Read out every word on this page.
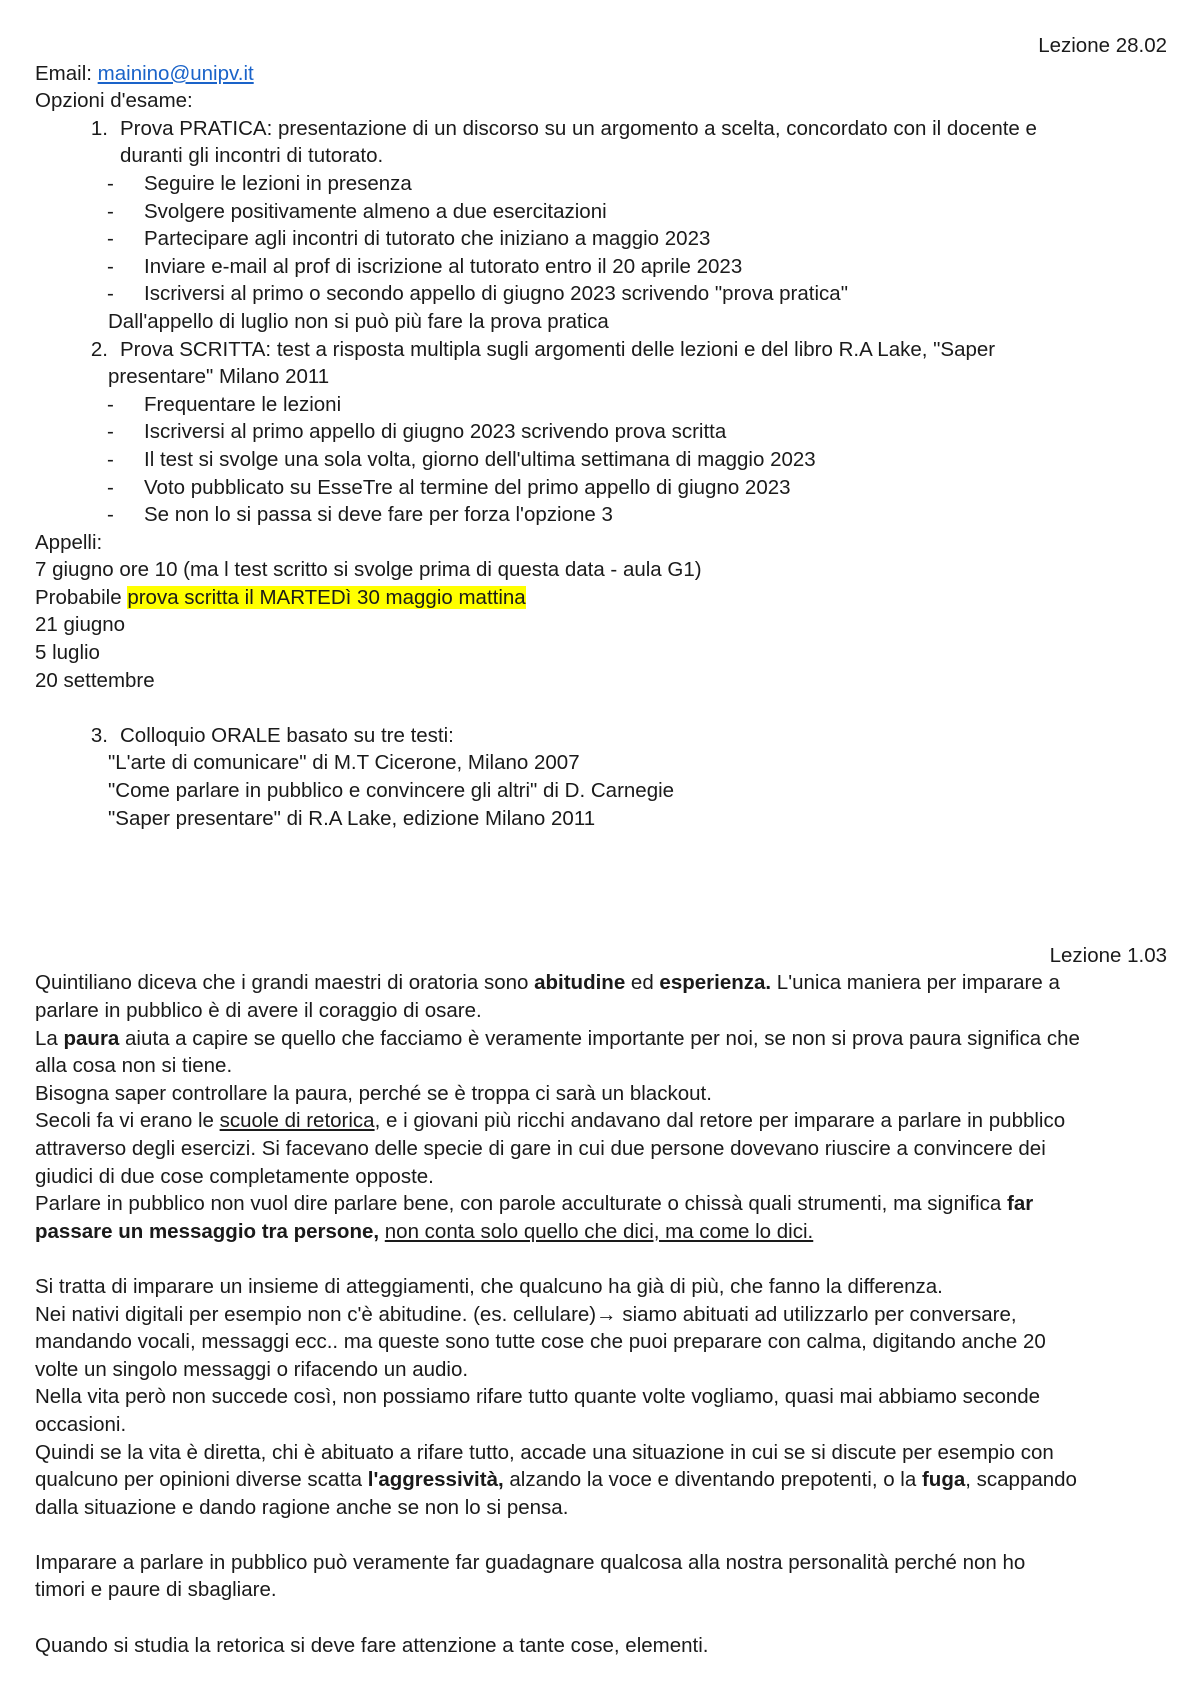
Lezione 28.02
Email: mainino@unipv.it
Opzioni d'esame:
1. Prova PRATICA: presentazione di un discorso su un argomento a scelta, concordato con il docente e
duranti gli incontri di tutorato.
-	Seguire le lezioni in presenza
-	Svolgere positivamente almeno a due esercitazioni
-	Partecipare agli incontri di tutorato che iniziano a maggio 2023
-	Inviare e-mail al prof di iscrizione al tutorato entro il 20 aprile 2023
-	Iscriversi al primo o secondo appello di giugno 2023 scrivendo "prova pratica"
Dall'appello di luglio non si può più fare la prova pratica
2. Prova SCRITTA: test a risposta multipla sugli argomenti delle lezioni e del libro R.A Lake, "Saper
presentare" Milano 2011
-	Frequentare le lezioni
-	Iscriversi al primo appello di giugno 2023 scrivendo prova scritta
-	Il test si svolge una sola volta, giorno dell'ultima settimana di maggio 2023
-	Voto pubblicato su EsseTre al termine del primo appello di giugno 2023
-	Se non lo si passa si deve fare per forza l'opzione 3
Appelli:
7 giugno ore 10 (ma l test scritto si svolge prima di questa data - aula G1)
Probabile prova scritta il MARTEDì 30 maggio mattina
21 giugno
5 luglio
20 settembre
3. Colloquio ORALE basato su tre testi:
"L'arte di comunicare" di M.T Cicerone, Milano 2007
"Come parlare in pubblico e convincere gli altri" di D. Carnegie
"Saper presentare" di R.A Lake, edizione Milano 2011
Lezione 1.03
Quintiliano diceva che i grandi maestri di oratoria sono abitudine ed esperienza. L'unica maniera per imparare a
parlare in pubblico è di avere il coraggio di osare.
La paura aiuta a capire se quello che facciamo è veramente importante per noi, se non si prova paura significa che
alla cosa non si tiene.
Bisogna saper controllare la paura, perché se è troppa ci sarà un blackout.
Secoli fa vi erano le scuole di retorica, e i giovani più ricchi andavano dal retore per imparare a parlare in pubblico
attraverso degli esercizi. Si facevano delle specie di gare in cui due persone dovevano riuscire a convincere dei
giudici di due cose completamente opposte.
Parlare in pubblico non vuol dire parlare bene, con parole acculturate o chissà quali strumenti, ma significa far
passare un messaggio tra persone, non conta solo quello che dici, ma come lo dici.
Si tratta di imparare un insieme di atteggiamenti, che qualcuno ha già di più, che fanno la differenza.
Nei nativi digitali per esempio non c'è abitudine. (es. cellulare)→ siamo abituati ad utilizzarlo per conversare,
mandando vocali, messaggi ecc.. ma queste sono tutte cose che puoi preparare con calma, digitando anche 20
volte un singolo messaggi o rifacendo un audio.
Nella vita però non succede così, non possiamo rifare tutto quante volte vogliamo, quasi mai abbiamo seconde
occasioni.
Quindi se la vita è diretta, chi è abituato a rifare tutto, accade una situazione in cui se si discute per esempio con
qualcuno per opinioni diverse scatta l'aggressività, alzando la voce e diventando prepotenti, o la fuga, scappando
dalla situazione e dando ragione anche se non lo si pensa.
Imparare a parlare in pubblico può veramente far guadagnare qualcosa alla nostra personalità perché non ho
timori e paure di sbagliare.
Quando si studia la retorica si deve fare attenzione a tante cose, elementi.
